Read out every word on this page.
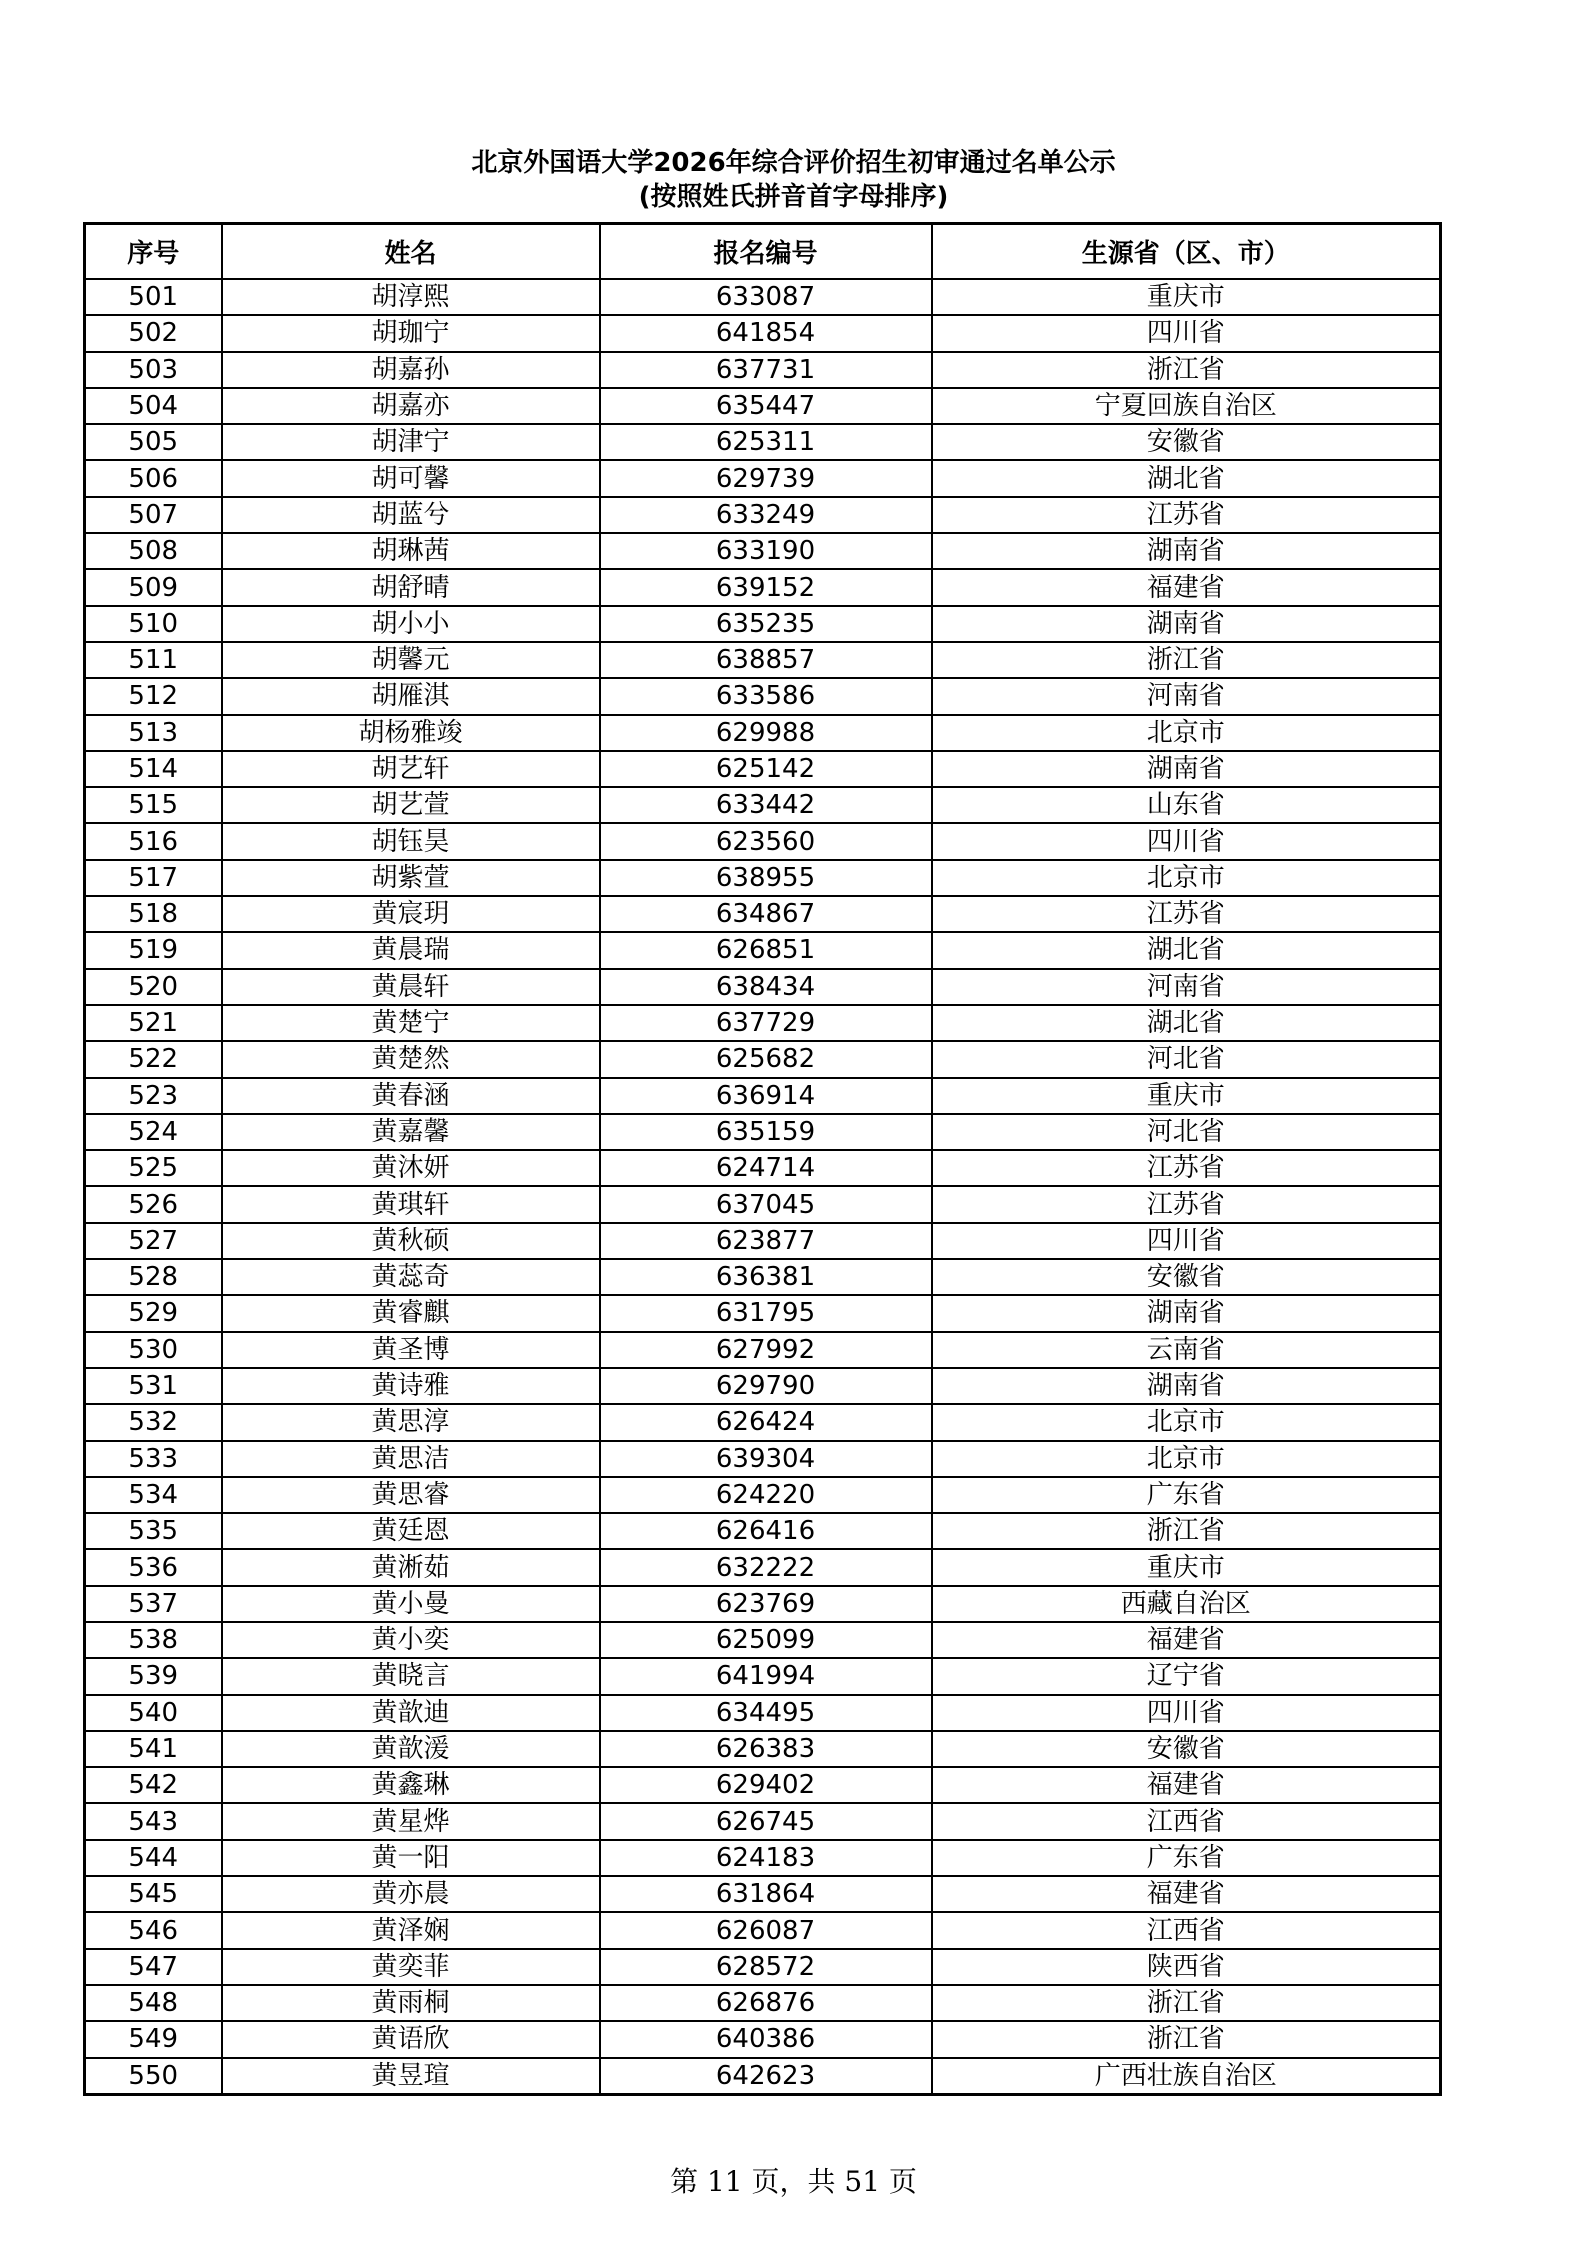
北京外国语大学2026年综合评价招生初审通过名单公示
(按照姓氏拼音首字母排序)
序号	姓名	报名编号	生源省（区、市）
501	胡淳熙	633087	重庆市
502	胡珈宁	641854	四川省
503	胡嘉孙	637731	浙江省
504	胡嘉亦	635447	宁夏回族自治区
505	胡津宁	625311	安徽省
506	胡可馨	629739	湖北省
507	胡蓝兮	633249	江苏省
508	胡琳茜	633190	湖南省
509	胡舒晴	639152	福建省
510	胡小小	635235	湖南省
511	胡馨元	638857	浙江省
512	胡雁淇	633586	河南省
513	胡杨雅竣	629988	北京市
514	胡艺轩	625142	湖南省
515	胡艺萱	633442	山东省
516	胡钰昊	623560	四川省
517	胡紫萱	638955	北京市
518	黄宸玥	634867	江苏省
519	黄晨瑞	626851	湖北省
520	黄晨轩	638434	河南省
521	黄楚宁	637729	湖北省
522	黄楚然	625682	河北省
523	黄春涵	636914	重庆市
524	黄嘉馨	635159	河北省
525	黄沐妍	624714	江苏省
526	黄琪轩	637045	江苏省
527	黄秋硕	623877	四川省
528	黄蕊奇	636381	安徽省
529	黄睿麒	631795	湖南省
530	黄圣博	627992	云南省
531	黄诗雅	629790	湖南省
532	黄思淳	626424	北京市
533	黄思洁	639304	北京市
534	黄思睿	624220	广东省
535	黄廷恩	626416	浙江省
536	黄淅茹	632222	重庆市
537	黄小曼	623769	西藏自治区
538	黄小奕	625099	福建省
539	黄晓言	641994	辽宁省
540	黄歆迪	634495	四川省
541	黄歆湲	626383	安徽省
542	黄鑫琳	629402	福建省
543	黄星烨	626745	江西省
544	黄一阳	624183	广东省
545	黄亦晨	631864	福建省
546	黄泽娴	626087	江西省
547	黄奕菲	628572	陕西省
548	黄雨桐	626876	浙江省
549	黄语欣	640386	浙江省
550	黄昱瑄	642623	广西壮族自治区
第 11 页，共 51 页
